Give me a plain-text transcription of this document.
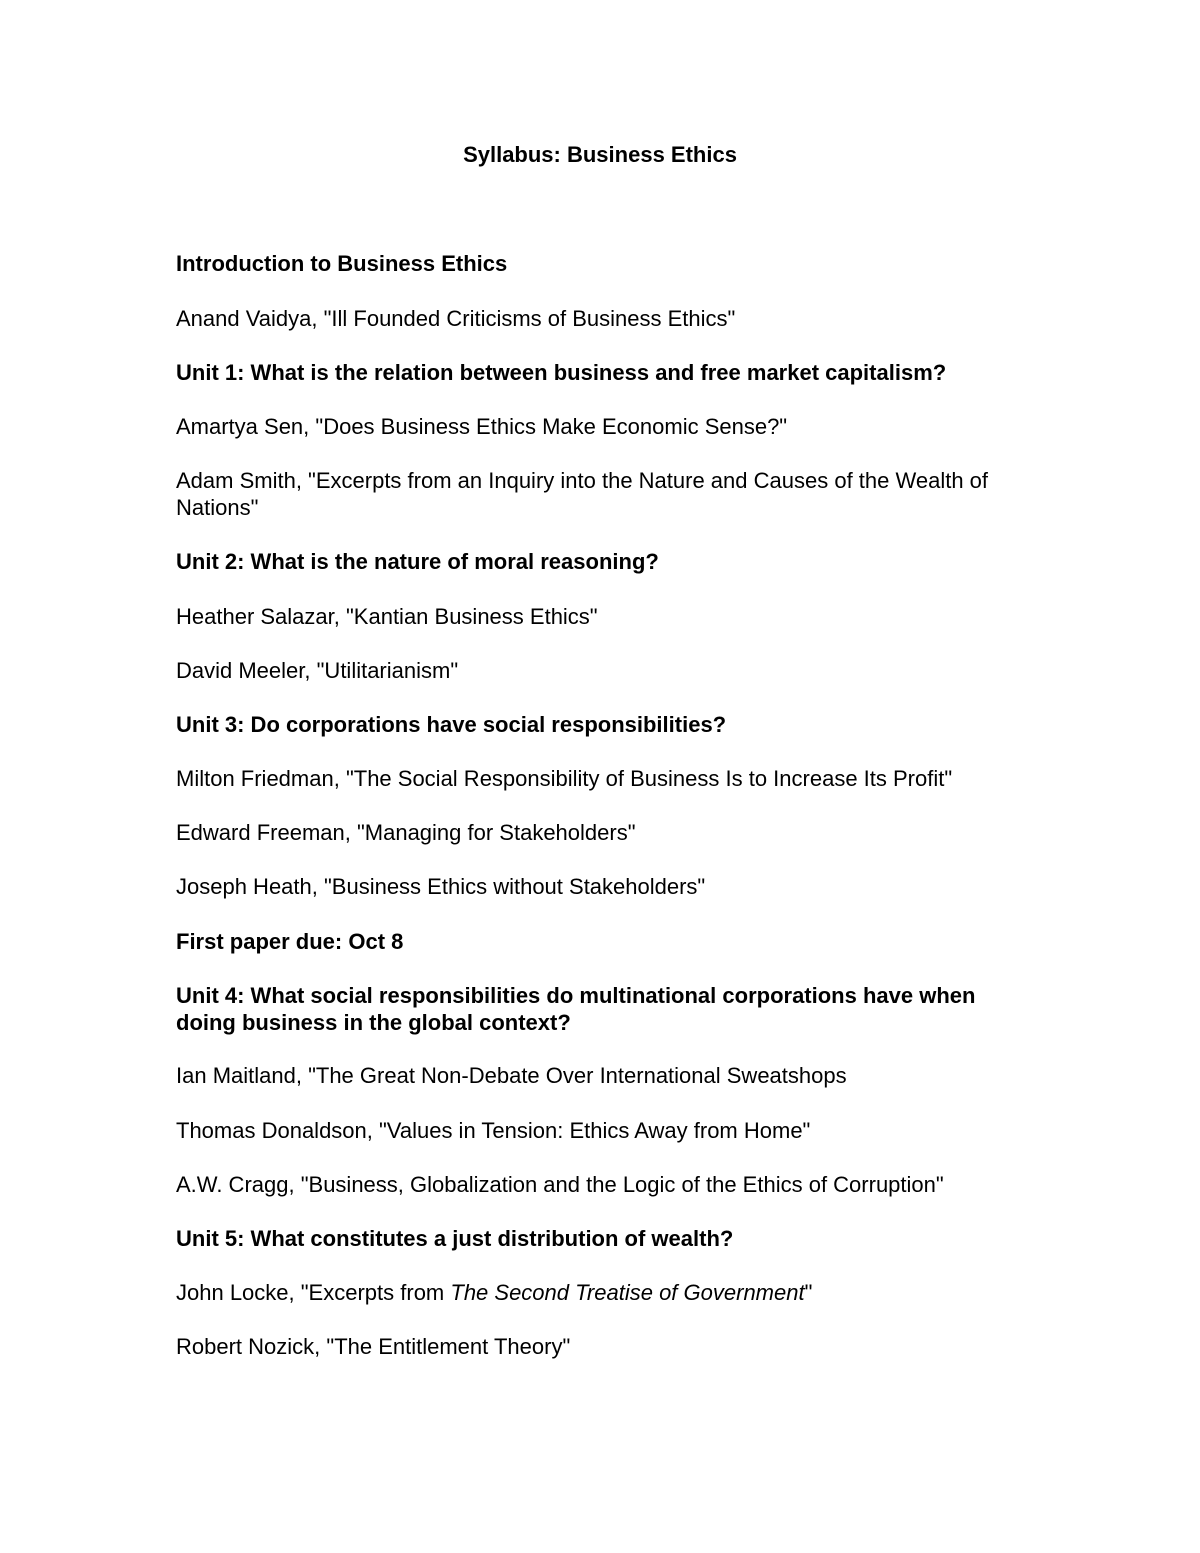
Syllabus: Business Ethics

Introduction to Business Ethics

Anand Vaidya, "Ill Founded Criticisms of Business Ethics"

Unit 1: What is the relation between business and free market capitalism?

Amartya Sen, "Does Business Ethics Make Economic Sense?"

Adam Smith, "Excerpts from an Inquiry into the Nature and Causes of the Wealth of Nations"

Unit 2: What is the nature of moral reasoning?

Heather Salazar, "Kantian Business Ethics"

David Meeler, "Utilitarianism"

Unit 3: Do corporations have social responsibilities?

Milton Friedman, "The Social Responsibility of Business Is to Increase Its Profit"

Edward Freeman, "Managing for Stakeholders"

Joseph Heath, "Business Ethics without Stakeholders"

First paper due: Oct 8

Unit 4: What social responsibilities do multinational corporations have when doing business in the global context?

Ian Maitland, "The Great Non-Debate Over International Sweatshops

Thomas Donaldson, "Values in Tension: Ethics Away from Home"

A.W. Cragg, "Business, Globalization and the Logic of the Ethics of Corruption"

Unit 5: What constitutes a just distribution of wealth?

John Locke, "Excerpts from The Second Treatise of Government"

Robert Nozick, "The Entitlement Theory"
